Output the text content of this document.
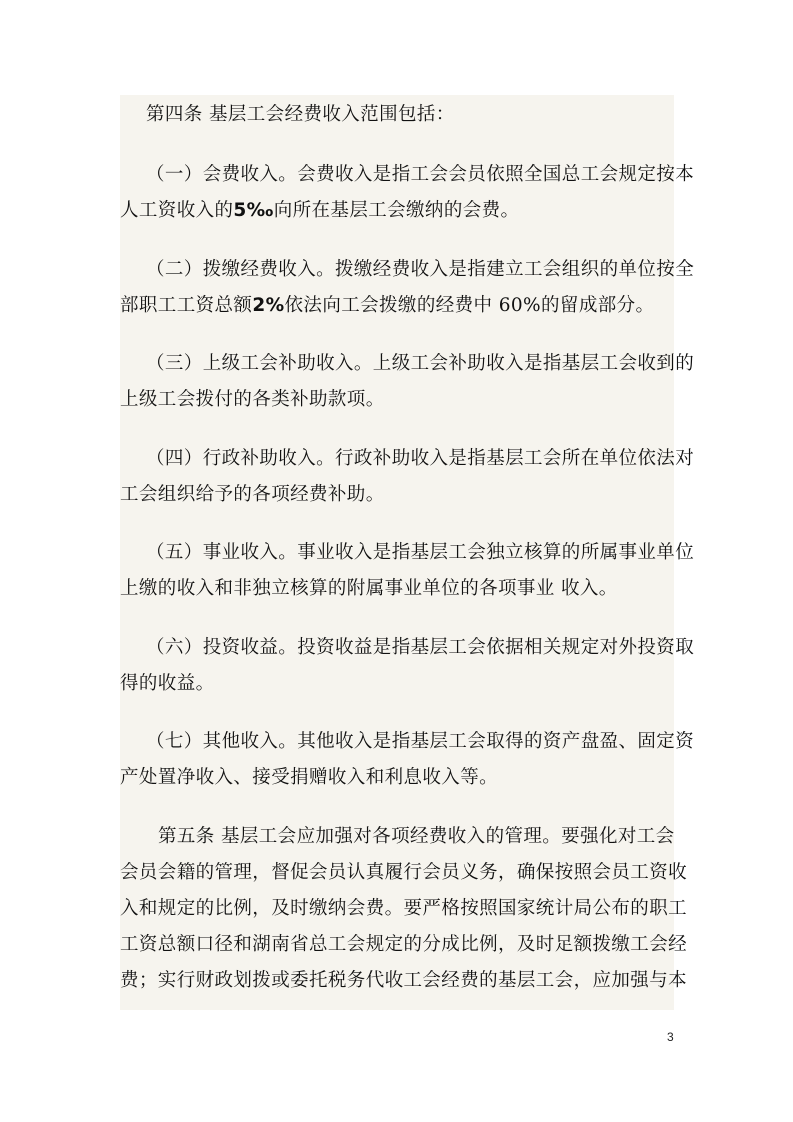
第四条 基层工会经费收入范围包括：
（一）会费收入。会费收入是指工会会员依照全国总工会规定按本
人工资收入的5‰向所在基层工会缴纳的会费。
（二）拨缴经费收入。拨缴经费收入是指建立工会组织的单位按全
部职工工资总额2%依法向工会拨缴的经费中 60%的留成部分。
（三）上级工会补助收入。上级工会补助收入是指基层工会收到的
上级工会拨付的各类补助款项。
（四）行政补助收入。行政补助收入是指基层工会所在单位依法对
工会组织给予的各项经费补助。
（五）事业收入。事业收入是指基层工会独立核算的所属事业单位
上缴的收入和非独立核算的附属事业单位的各项事业 收入。
（六）投资收益。投资收益是指基层工会依据相关规定对外投资取
得的收益。
（七）其他收入。其他收入是指基层工会取得的资产盘盈、固定资
产处置净收入、接受捐赠收入和利息收入等。
第五条 基层工会应加强对各项经费收入的管理。要强化对工会
会员会籍的管理，督促会员认真履行会员义务，确保按照会员工资收
入和规定的比例，及时缴纳会费。要严格按照国家统计局公布的职工
工资总额口径和湖南省总工会规定的分成比例，及时足额拨缴工会经
费；实行财政划拨或委托税务代收工会经费的基层工会，应加强与本
3
